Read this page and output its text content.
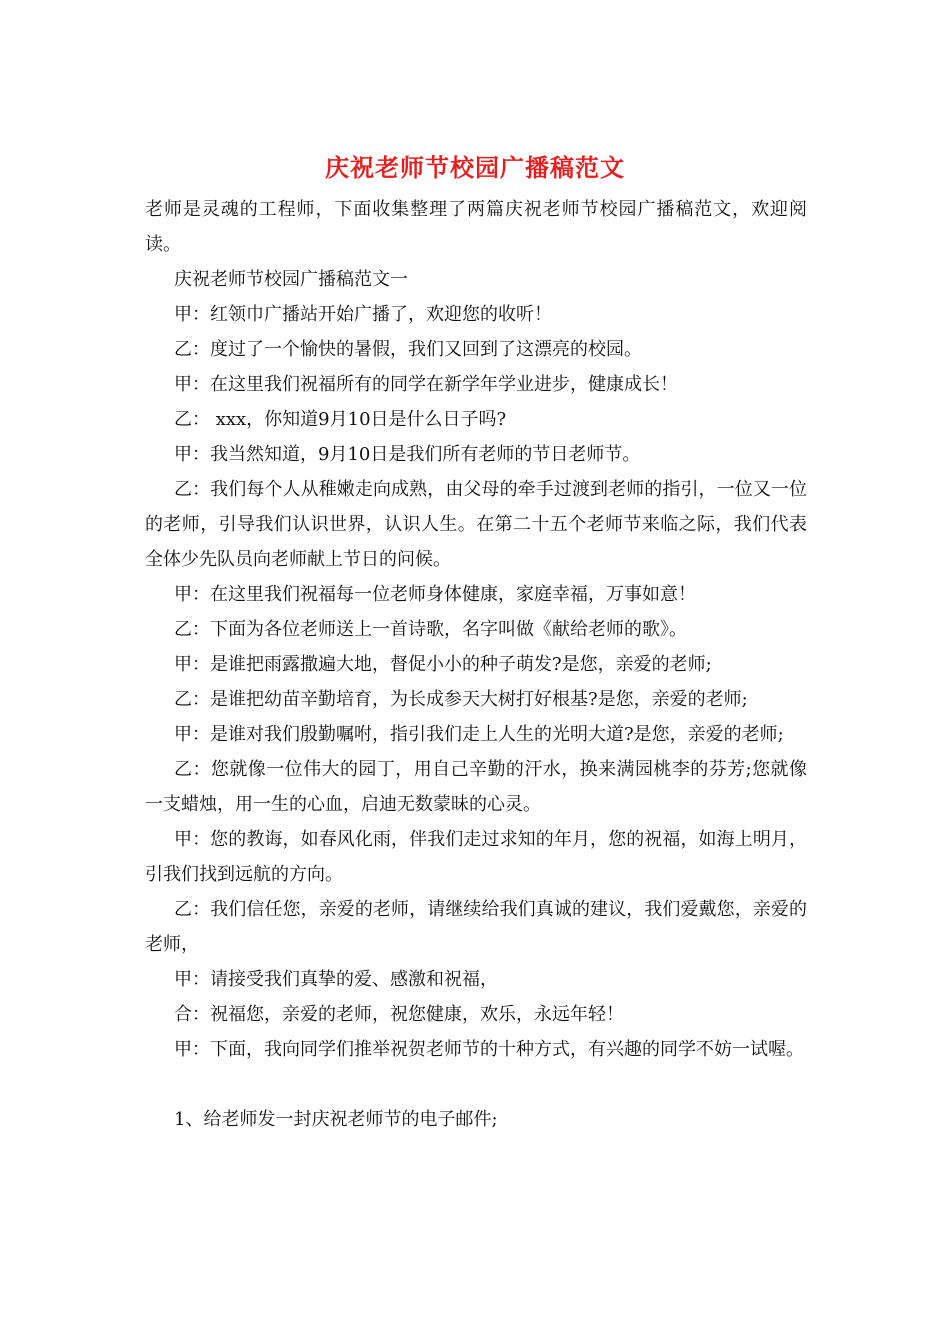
庆祝老师节校园广播稿范文

老师是灵魂的工程师，下面收集整理了两篇庆祝老师节校园广播稿范文，欢迎阅读。

庆祝老师节校园广播稿范文一

甲：红领巾广播站开始广播了，欢迎您的收听！

乙：度过了一个愉快的暑假，我们又回到了这漂亮的校园。

甲：在这里我们祝福所有的同学在新学年学业进步，健康成长！

乙： xxx，你知道9月10日是什么日子吗?

甲：我当然知道，9月10日是我们所有老师的节日老师节。

乙：我们每个人从稚嫩走向成熟，由父母的牵手过渡到老师的指引，一位又一位的老师，引导我们认识世界，认识人生。在第二十五个老师节来临之际，我们代表全体少先队员向老师献上节日的问候。

甲：在这里我们祝福每一位老师身体健康，家庭幸福，万事如意！

乙：下面为各位老师送上一首诗歌，名字叫做《献给老师的歌》。

甲：是谁把雨露撒遍大地，督促小小的种子萌发?是您，亲爱的老师;

乙：是谁把幼苗辛勤培育，为长成参天大树打好根基?是您，亲爱的老师;

甲：是谁对我们殷勤嘱咐，指引我们走上人生的光明大道?是您，亲爱的老师;

乙：您就像一位伟大的园丁，用自己辛勤的汗水，换来满园桃李的芬芳;您就像一支蜡烛，用一生的心血，启迪无数蒙昧的心灵。

甲：您的教诲，如春风化雨，伴我们走过求知的年月，您的祝福，如海上明月，引我们找到远航的方向。

乙：我们信任您，亲爱的老师，请继续给我们真诚的建议，我们爱戴您，亲爱的老师，

甲：请接受我们真挚的爱、感激和祝福，

合：祝福您，亲爱的老师，祝您健康，欢乐，永远年轻！

甲：下面，我向同学们推举祝贺老师节的十种方式，有兴趣的同学不妨一试喔。

1、给老师发一封庆祝老师节的电子邮件;
